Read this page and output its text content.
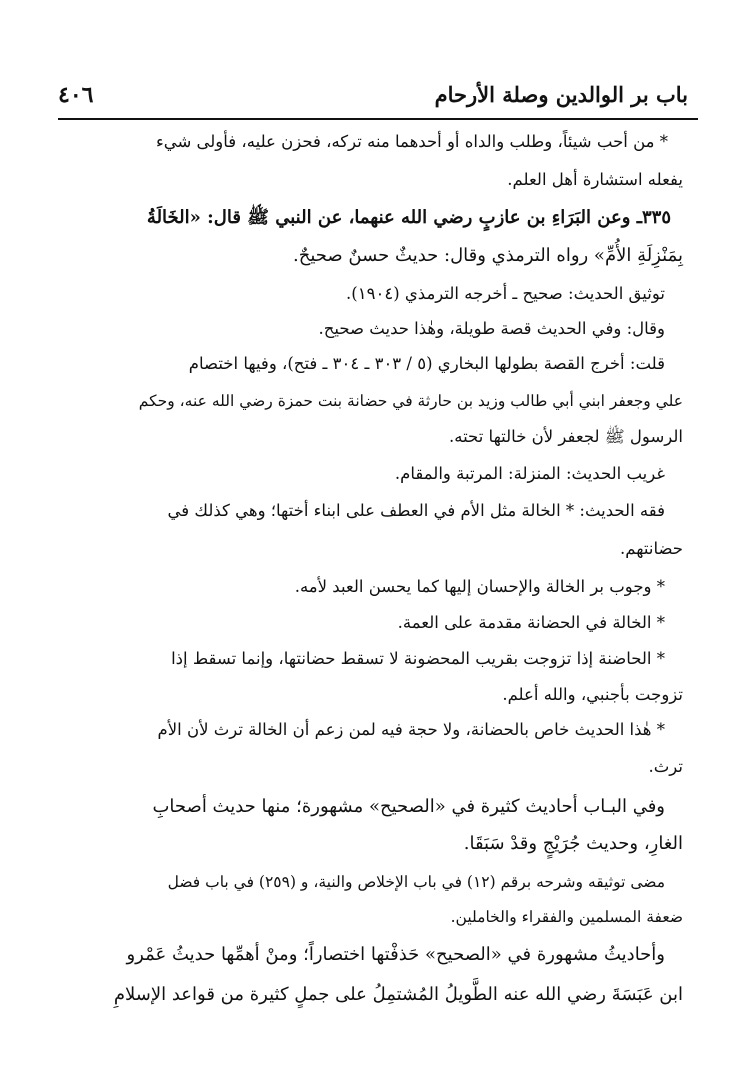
باب بر الوالدين وصلة الأرحام
٤٠٦
* من أحب شيئاً، وطلب والداه أو أحدهما منه تركه، فحزن عليه، فأولى شيء
يفعله استشارة أهل العلم.
٣٣٥ـ وعن البَرَاءِ بن عازبٍ رضي الله عنهما، عن النبي ﷺ قال: «الخَالَةُ
بِمَنْزِلَةِ الأُمِّ» رواه الترمذي وقال: حديثٌ حسنٌ صحيحٌ.
توثيق الحديث: صحيح ـ أخرجه الترمذي (١٩٠٤).
وقال: وفي الحديث قصة طويلة، وهٰذا حديث صحيح.
قلت: أخرج القصة بطولها البخاري (٥ / ٣٠٣ ـ ٣٠٤ ـ فتح)، وفيها اختصام
علي وجعفر ابني أبي طالب وزيد بن حارثة في حضانة بنت حمزة رضي الله عنه، وحكم
الرسول ﷺ لجعفر لأن خالتها تحته.
غريب الحديث: المنزلة: المرتبة والمقام.
فقه الحديث: * الخالة مثل الأم في العطف على ابناء أختها؛ وهي كذلك في
حضانتهم.
* وجوب بر الخالة والإحسان إليها كما يحسن العبد لأمه.
* الخالة في الحضانة مقدمة على العمة.
* الحاضنة إذا تزوجت بقريب المحضونة لا تسقط حضانتها، وإنما تسقط إذا
تزوجت بأجنبي، والله أعلم.
* هٰذا الحديث خاص بالحضانة، ولا حجة فيه لمن زعم أن الخالة ترث لأن الأم
ترث.
وفي البـاب أحاديث كثيرة في «الصحيح» مشهورة؛ منها حديث أصحابِ
الغارِ، وحديث جُرَيْجٍ وقدْ سَبَقَا.
مضى توثيقه وشرحه برقم (١٢) في باب الإخلاص والنية، و (٢٥٩) في باب فضل
ضعفة المسلمين والفقراء والخاملين.
وأحاديثُ مشهورة في «الصحيح» حَذفْتها اختصاراً؛ ومنْ أهمِّها حديثُ عَمْرو
ابن عَبَسَةَ رضي الله عنه الطَّويلُ المُشتمِلُ على جملٍ كثيرة من قواعد الإسلامِ
